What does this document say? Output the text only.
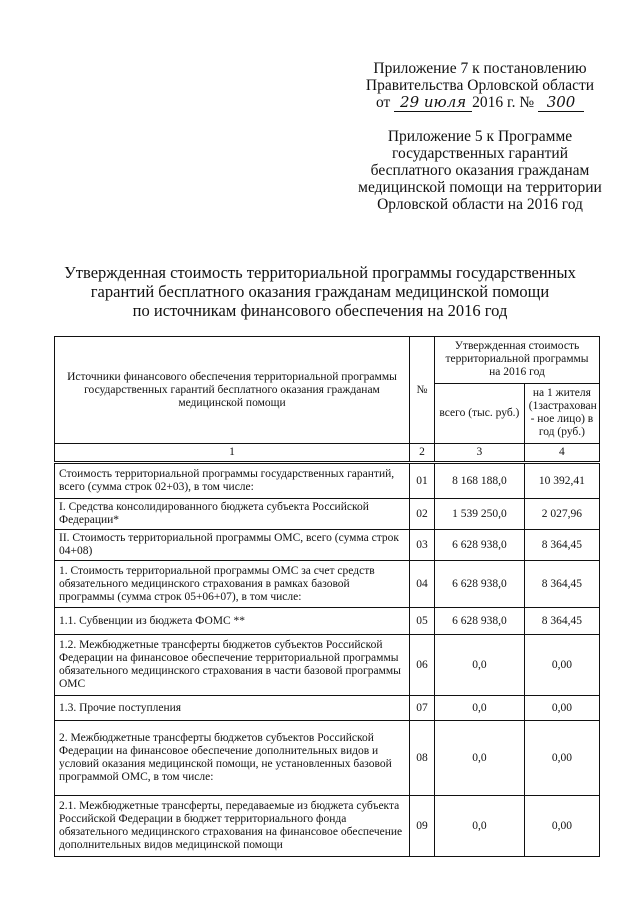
Приложение 7 к постановлению
Правительства Орловской области
от 29 июля 2016 г. № 300
Приложение 5 к Программе
государственных гарантий
бесплатного оказания гражданам
медицинской помощи на территории
Орловской области на 2016 год
Утвержденная стоимость территориальной программы государственных
гарантий бесплатного оказания гражданам медицинской помощи
по источникам финансового обеспечения на 2016 год
Источники финансового обеспечения территориальной программы государственных гарантий бесплатного оказания гражданам медицинской помощи	№	Утвержденная стоимость территориальной программы на 2016 год	
		всего (тыс. руб.)	на 1 жителя (1застрахован - ное лицо) в год (руб.)
1	2	3	4
Стоимость территориальной программы государственных гарантий, всего (сумма строк 02+03), в том числе:	01	8 168 188,0	10 392,41
I. Средства консолидированного бюджета субъекта Российской Федерации*	02	1 539 250,0	2 027,96
II. Стоимость территориальной программы ОМС, всего (сумма строк 04+08)	03	6 628 938,0	8 364,45
1. Стоимость территориальной программы ОМС за счет средств обязательного медицинского страхования в рамках базовой программы (сумма строк 05+06+07), в том числе:	04	6 628 938,0	8 364,45
1.1. Субвенции из бюджета ФОМС **	05	6 628 938,0	8 364,45
1.2. Межбюджетные трансферты бюджетов субъектов Российской Федерации на финансовое обеспечение территориальной программы обязательного медицинского страхования в части базовой программы ОМС	06	0,0	0,00
1.3. Прочие поступления	07	0,0	0,00
2. Межбюджетные трансферты бюджетов субъектов Российской Федерации на финансовое обеспечение дополнительных видов и условий оказания медицинской помощи, не установленных базовой программой ОМС, в том числе:	08	0,0	0,00
2.1. Межбюджетные трансферты, передаваемые из бюджета субъекта Российской Федерации в бюджет территориального фонда обязательного медицинского страхования на финансовое обеспечение дополнительных видов медицинской помощи	09	0,0	0,00
